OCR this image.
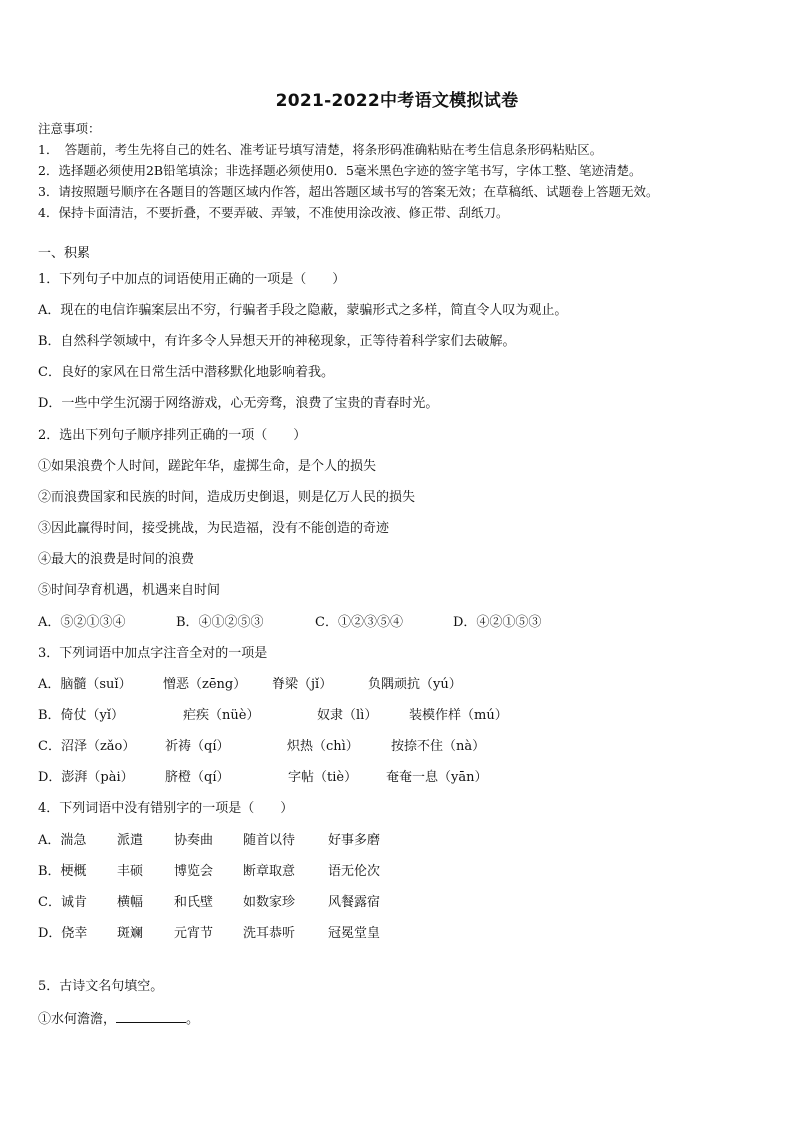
2021-2022中考语文模拟试卷
注意事项：
1．　答题前，考生先将自己的姓名、准考证号填写清楚，将条形码准确粘贴在考生信息条形码粘贴区。
2．选择题必须使用2B铅笔填涂；非选择题必须使用0．5毫米黑色字迹的签字笔书写，字体工整、笔迹清楚。
3．请按照题号顺序在各题目的答题区域内作答，超出答题区域书写的答案无效；在草稿纸、试题卷上答题无效。
4．保持卡面清洁，不要折叠，不要弄破、弄皱，不准使用涂改液、修正带、刮纸刀。
一、积累
1．下列句子中加点的词语使用正确的一项是（　　）
A．现在的电信诈骗案层出不穷，行骗者手段之隐蔽，蒙骗形式之多样，简直令人叹为观止。
B．自然科学领域中，有许多令人异想天开的神秘现象，正等待着科学家们去破解。
C．良好的家风在日常生活中潜移默化地影响着我。
D．一些中学生沉溺于网络游戏，心无旁骛，浪费了宝贵的青春时光。
2．选出下列句子顺序排列正确的一项（　　）
①如果浪费个人时间，蹉跎年华，虚掷生命，是个人的损失
②而浪费国家和民族的时间，造成历史倒退，则是亿万人民的损失
③因此赢得时间，接受挑战，为民造福，没有不能创造的奇迹
④最大的浪费是时间的浪费
⑤时间孕育机遇，机遇来自时间
A．⑤②①③④	B．④①②⑤③	C．①②③⑤④	D．④②①⑤③
3．下列词语中加点字注音全对的一项是
A．脑髓（suǐ） 憎恶（zēng） 脊梁（jǐ）	负隅顽抗（yú）
B．倚仗（yǐ）	疟疾（nüè）	奴隶（lì） 装模作样（mú）
C．沼泽（zǎo） 祈祷（qí）	炽热（chì） 按捺不住（nà）
D．澎湃（pài） 脐橙（qí）	字帖（tiè） 奄奄一息（yān）
4．下列词语中没有错别字的一项是（　　）
A．湍急 派遣 协奏曲 随首以待	好事多磨
B．梗概 丰硕 博览会 断章取意	语无伦次
C．诚肯 横幅 和氏壁 如数家珍	风餐露宿
D．侥幸 斑斓 元宵节 洗耳恭听	冠冕堂皇
5．古诗文名句填空。
①水何澹澹，	。
